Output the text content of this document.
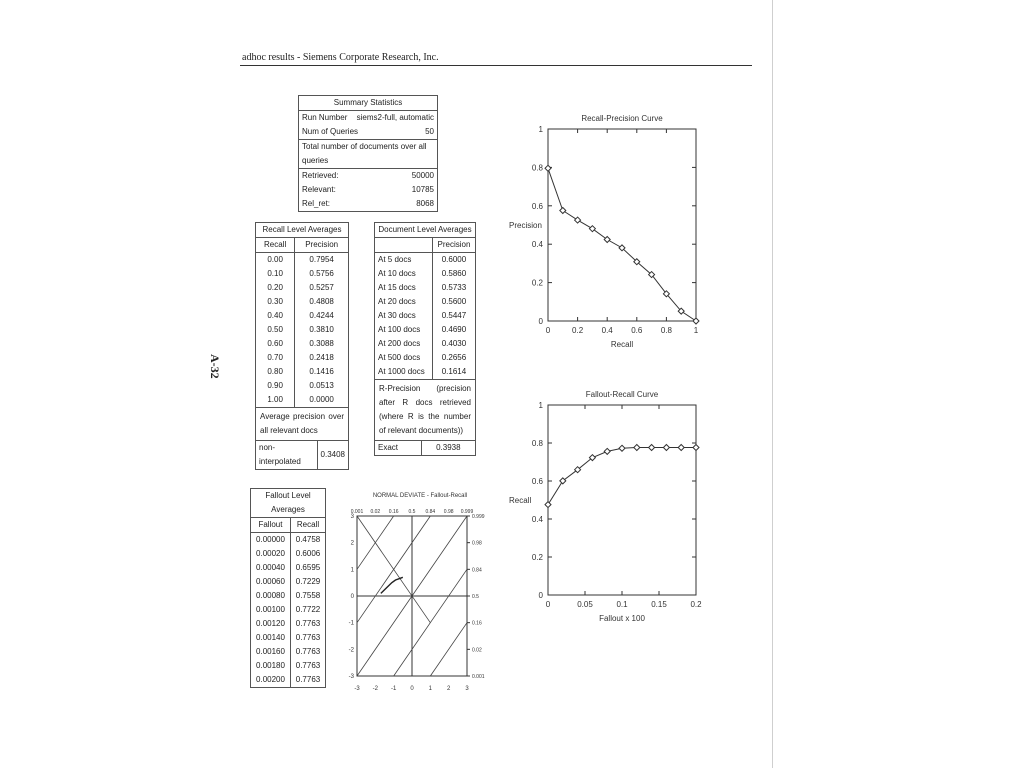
adhoc results - Siemens Corporate Research, Inc.
A-32
Summary Statistics
Run Number siems2-full, automatic
Num of Queries	50
Total number of documents over all queries
Retrieved:	50000
Relevant:	10785
Rel_ret:	8068
Recall Level Averages
Recall	Precision
0.00	0.7954
0.10	0.5756
0.20	0.5257
0.30	0.4808
0.40	0.4244
0.50	0.3810
0.60	0.3088
0.70	0.2418
0.80	0.1416
0.90	0.0513
1.00	0.0000
Average precision over all relevant docs
non-interpolated	0.3408
Document Level Averages
	Precision
At 5 docs	0.6000
At 10 docs	0.5860
At 15 docs	0.5733
At 20 docs	0.5600
At 30 docs	0.5447
At 100 docs	0.4690
At 200 docs	0.4030
At 500 docs	0.2656
At 1000 docs	0.1614
R-Precision (precision after R docs retrieved (where R is the number of relevant documents))
Exact	0.3938
Fallout Level Averages
Fallout	Recall
0.00000	0.4758
0.00020	0.6006
0.00040	0.6595
0.00060	0.7229
0.00080	0.7558
0.00100	0.7722
0.00120	0.7763
0.00140	0.7763
0.00160	0.7763
0.00180	0.7763
0.00200	0.7763
NORMAL DEVIATE - Fallout-Recall
-3 -2 -1 0 1 2 3
-3
-2
-1
0
1
2
3
0.001 0.02 0.16 0.5 0.84 0.98 0.999
0.001
0.02
0.16
0.5
0.84
0.98
0.999
Recall-Precision Curve
0	0.2 0.4 0.6 0.8	1
0
0.2
0.4
0.6
0.8
1
Recall
Precision
Fallout-Recall Curve
0	0.05	0.1	0.15	0.2
0
0.2
0.4
0.6
0.8
1
Fallout x 100
Recall
